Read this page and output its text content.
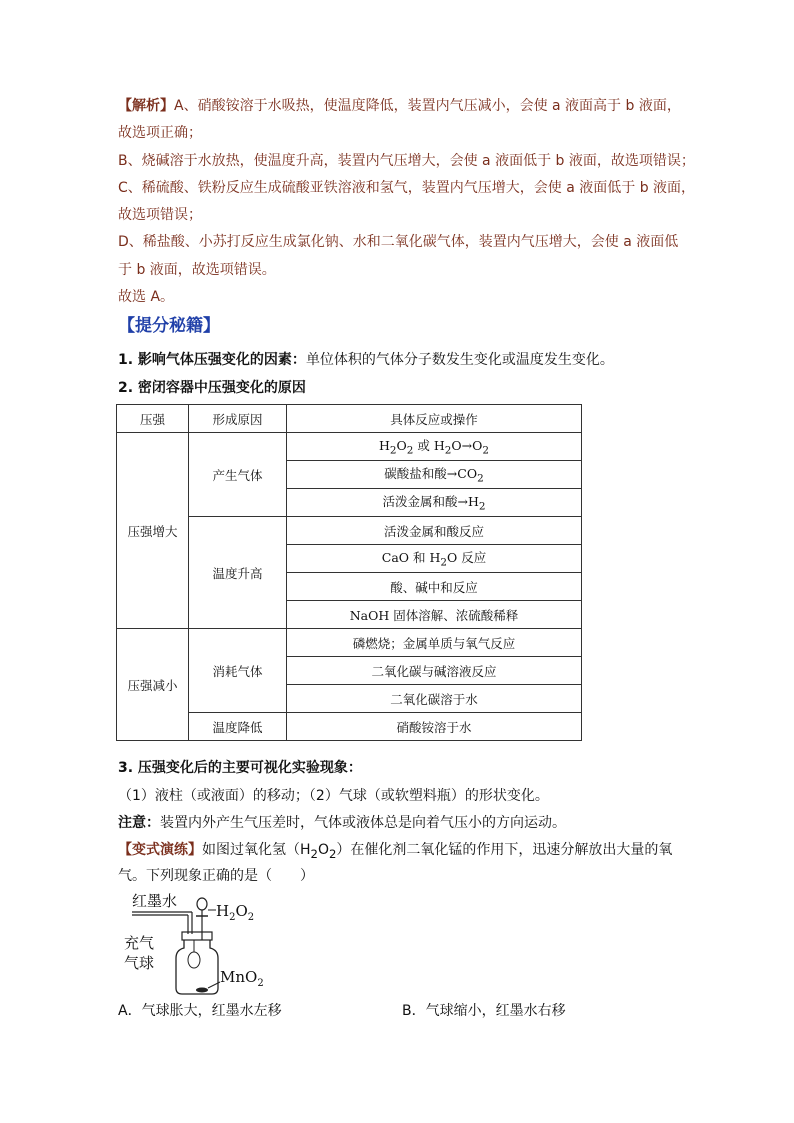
【解析】A、硝酸铵溶于水吸热，使温度降低，装置内气压减小，会使 a 液面高于 b 液面，
故选项正确；
B、烧碱溶于水放热，使温度升高，装置内气压增大，会使 a 液面低于 b 液面，故选项错误；
C、稀硫酸、铁粉反应生成硫酸亚铁溶液和氢气，装置内气压增大，会使 a 液面低于 b 液面，
故选项错误；
D、稀盐酸、小苏打反应生成氯化钠、水和二氧化碳气体，装置内气压增大，会使 a 液面低
于 b 液面，故选项错误。
故选 A。
【提分秘籍】
1. 影响气体压强变化的因素：单位体积的气体分子数发生变化或温度发生变化。
2. 密闭容器中压强变化的原因
压强	形成原因	具体反应或操作
压强增大	产生气体	$H_2O_2$ 或 $H_2O\to O_2$
		碳酸盐和酸$\to CO_2$
		活泼金属和酸$\to H_2$
	温度升高	活泼金属和酸反应
		CaO 和 $H_2O$ 反应
		酸、碱中和反应
		NaOH 固体溶解、浓硫酸稀释
压强减小	消耗气体	磷燃烧；金属单质与氧气反应
		二氧化碳与碱溶液反应
		二氧化碳溶于水
	温度降低	硝酸铵溶于水
3. 压强变化后的主要可视化实验现象：
（1）液柱（或液面）的移动；（2）气球（或软塑料瓶）的形状变化。
注意：装置内外产生气压差时，气体或液体总是向着气压小的方向运动。
【变式演练】如图过氧化氢$(H_2O_2)$在催化剂二氧化锰的作用下，迅速分解放出大量的氧
气。下列现象正确的是（　　）
红墨水
$H_2O_2$
充气
气球
MnO$_2$
A．气球胀大，红墨水左移	B．气球缩小，红墨水右移
